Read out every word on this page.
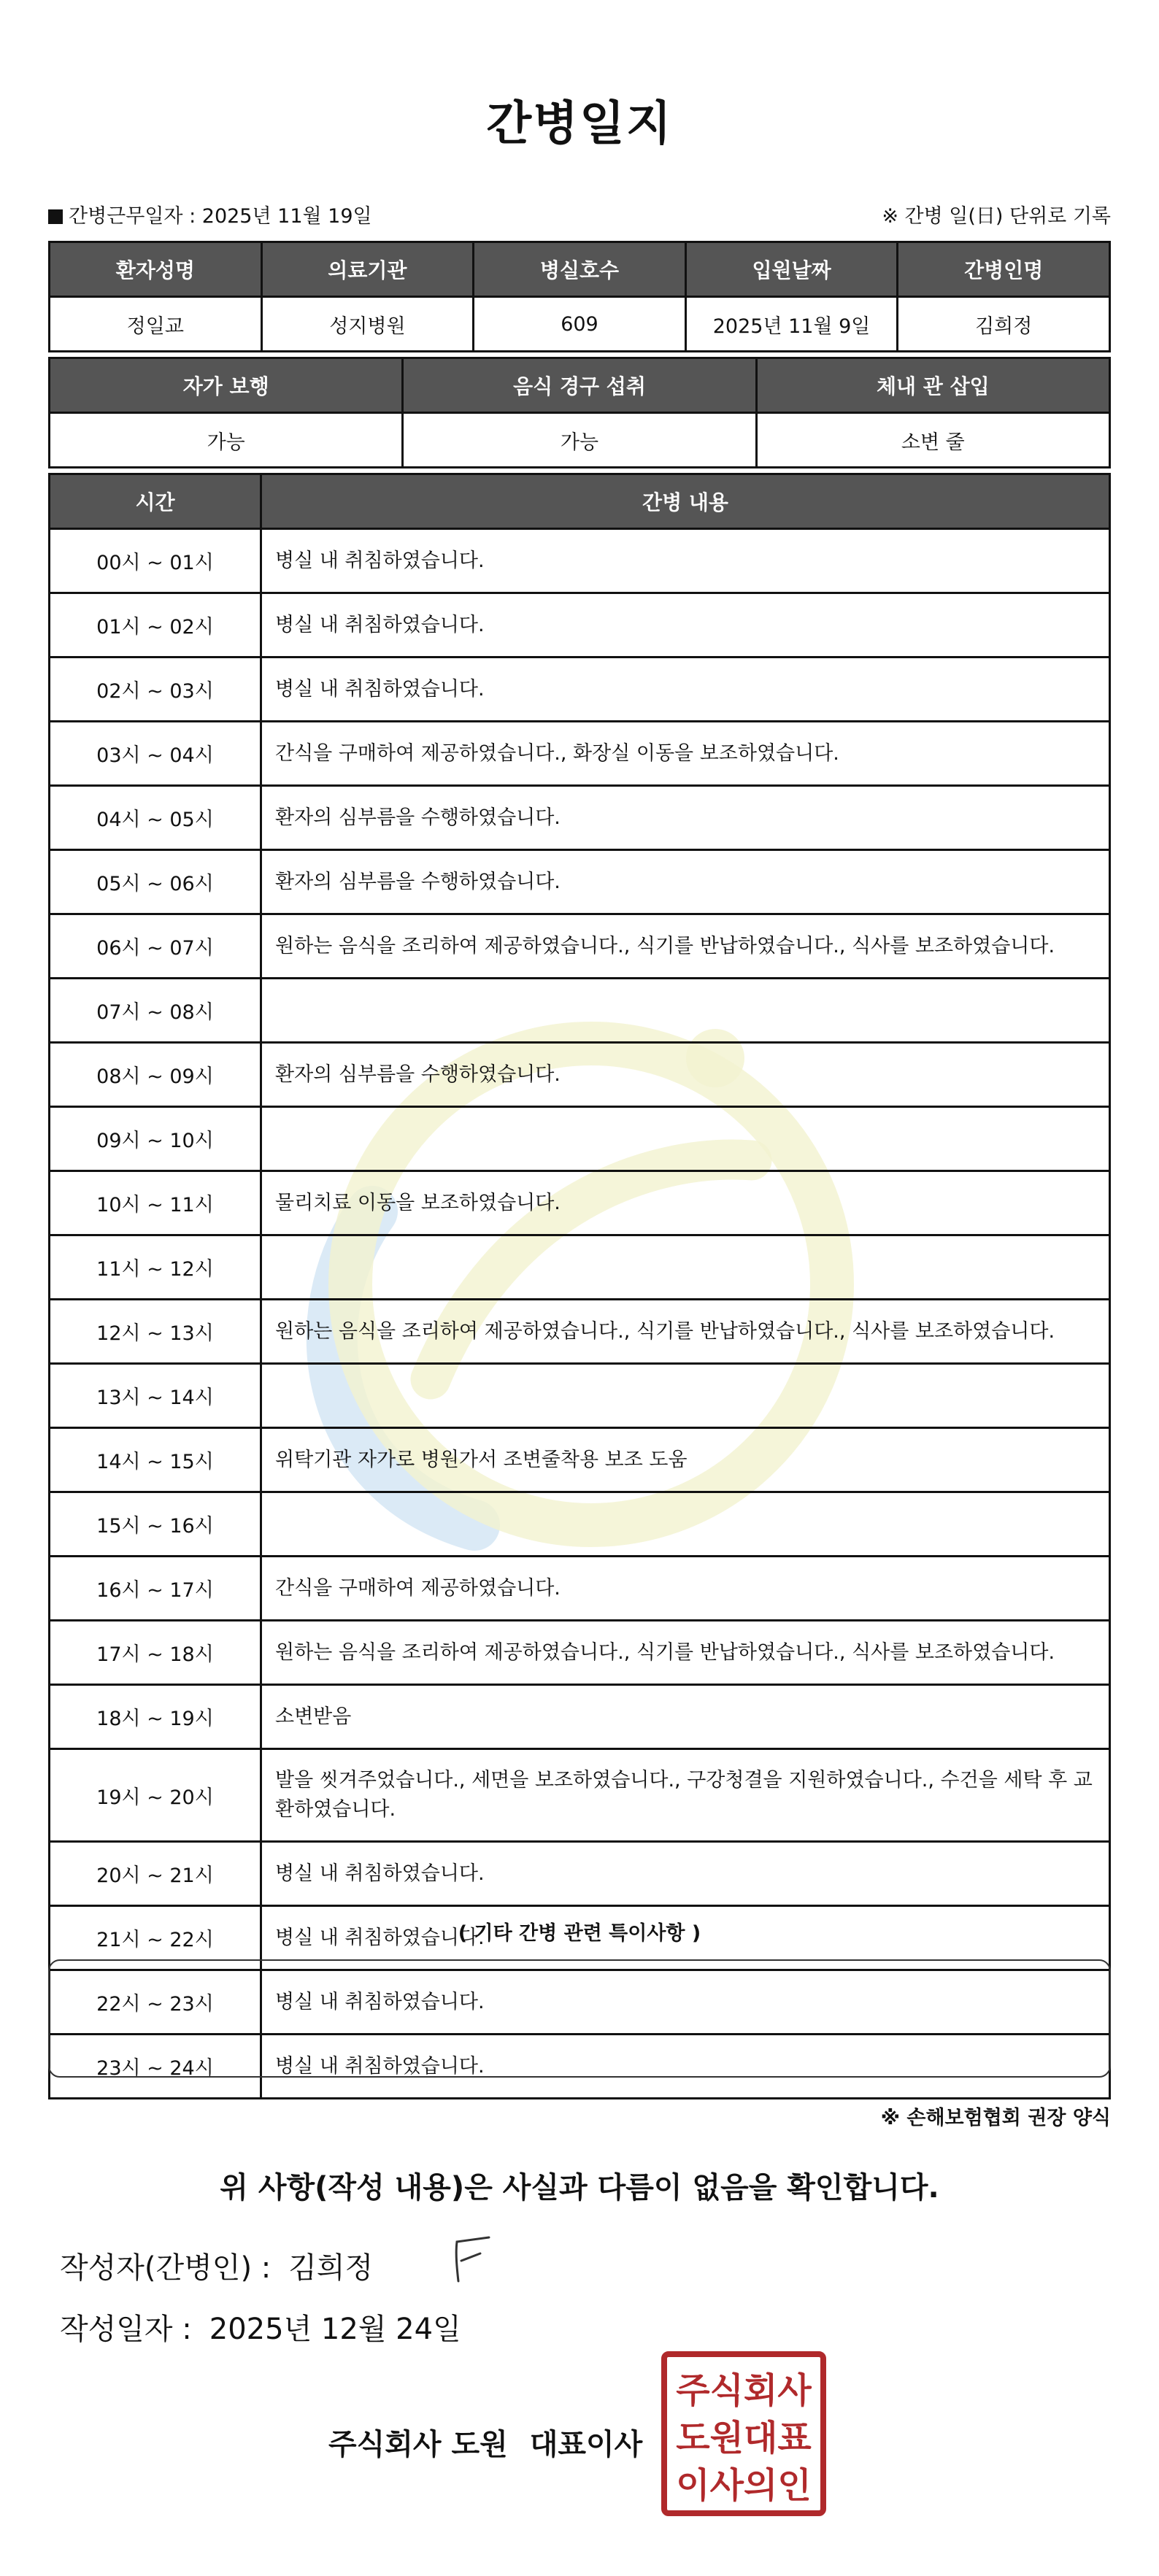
간병일지
간병근무일자 : 2025년 11월 19일	※ 간병 일(日) 단위로 기록
환자성명	의료기관	병실호수	입원날짜	간병인명
정일교	성지병원	609	2025년 11월 9일	김희정
자가 보행	음식 경구 섭취	체내 관 삽입
가능	가능	소변 줄
시간	간병 내용
00시 ~ 01시	병실 내 취침하였습니다.
01시 ~ 02시	병실 내 취침하였습니다.
02시 ~ 03시	병실 내 취침하였습니다.
03시 ~ 04시	간식을 구매하여 제공하였습니다., 화장실 이동을 보조하였습니다.
04시 ~ 05시	환자의 심부름을 수행하였습니다.
05시 ~ 06시	환자의 심부름을 수행하였습니다.
06시 ~ 07시	원하는 음식을 조리하여 제공하였습니다., 식기를 반납하였습니다., 식사를 보조하였습니다.
07시 ~ 08시	
08시 ~ 09시	환자의 심부름을 수행하였습니다.
09시 ~ 10시	
10시 ~ 11시	물리치료 이동을 보조하였습니다.
11시 ~ 12시	
12시 ~ 13시	원하는 음식을 조리하여 제공하였습니다., 식기를 반납하였습니다., 식사를 보조하였습니다.
13시 ~ 14시	
14시 ~ 15시	위탁기관 자가로 병원가서 조변줄착용 보조 도움
15시 ~ 16시	
16시 ~ 17시	간식을 구매하여 제공하였습니다.
17시 ~ 18시	원하는 음식을 조리하여 제공하였습니다., 식기를 반납하였습니다., 식사를 보조하였습니다.
18시 ~ 19시	소변받음
19시 ~ 20시	발을 씻겨주었습니다., 세면을 보조하였습니다., 구강청결을 지원하였습니다., 수건을 세탁 후 교환하였습니다.
20시 ~ 21시	병실 내 취침하였습니다.
21시 ~ 22시	병실 내 취침하였습니다.
22시 ~ 23시	병실 내 취침하였습니다.
23시 ~ 24시	병실 내 취침하였습니다.
( 기타 간병 관련 특이사항 )
※ 손해보험협회 권장 양식
위 사항(작성 내용)은 사실과 다름이 없음을 확인합니다.
작성자(간병인) : 김희정
작성일자 : 2025년 12월 24일
주식회사 도원 대표이사
주식회사
도원대표
이사의인
